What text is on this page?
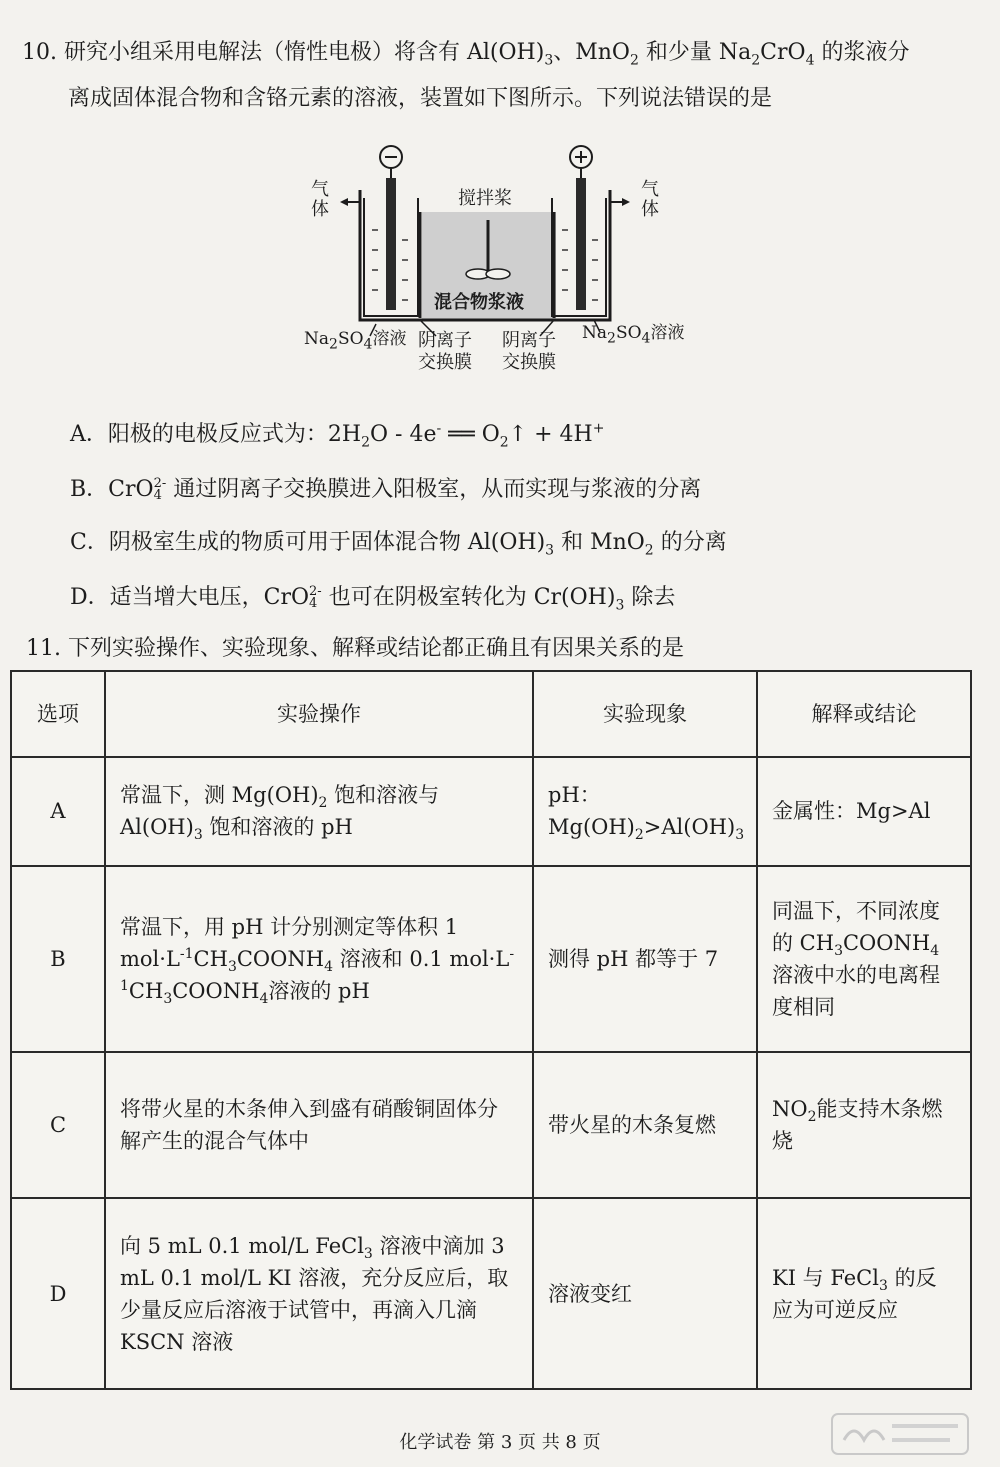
10. 研究小组采用电解法（惰性电极）将含有 $Al(OH)_3$、MnO$_2$ 和少量 $Na_2CrO_4$ 的浆液分
离成固体混合物和含铬元素的溶液，装置如下图所示。下列说法错误的是
气体
气体
搅拌桨
混合物浆液
$Na_2SO_4$溶液	$Na_2SO_4$溶液
阴离子
交换膜
阴离子
交换膜
A．阳极的电极反应式为：$2H_2O - 4e^-$ ══ $O_2↑ + 4H^+$
B．CrO 2-
4 通过阴离子交换膜进入阳极室，从而实现与浆液的分离
C．阴极室生成的物质可用于固体混合物 $Al(OH)_3$ 和 MnO$_2$ 的分离
D．适当增大电压，CrO 2-
4 也可在阴极室转化为 $Cr(OH)_3$ 除去
11. 下列实验操作、实验现象、解释或结论都正确且有因果关系的是
选项	实验操作	实验现象	解释或结论
A	常温下，测 $Mg(OH)_2$ 饱和溶液与 $Al(OH)_3$ 饱和溶液的 pH	pH：
$Mg(OH)_2>Al(OH)_3$	金属性：Mg>Al
B	常温下，用 pH 计分别测定等体积 1 $mol\cdot L^{-1}CH_3COONH_4$ 溶液和 0.1 $mol\cdot L^{-1}CH_3COONH_4$溶液的 pH	测得 pH 都等于 7	同温下，不同浓度的 $CH_3COONH_4$溶液中水的电离程度相同
C	将带火星的木条伸入到盛有硝酸铜固体分解产生的混合气体中	带火星的木条复燃	$NO_2$能支持木条燃烧
D	向 5 mL 0.1 mol/L FeCl$_3$ 溶液中滴加 3 mL 0.1 mol/L KI 溶液，充分反应后，取少量反应后溶液于试管中，再滴入几滴 KSCN 溶液	溶液变红	KI 与 FeCl$_3$ 的反应为可逆反应
化学试卷 第 3 页 共 8 页
